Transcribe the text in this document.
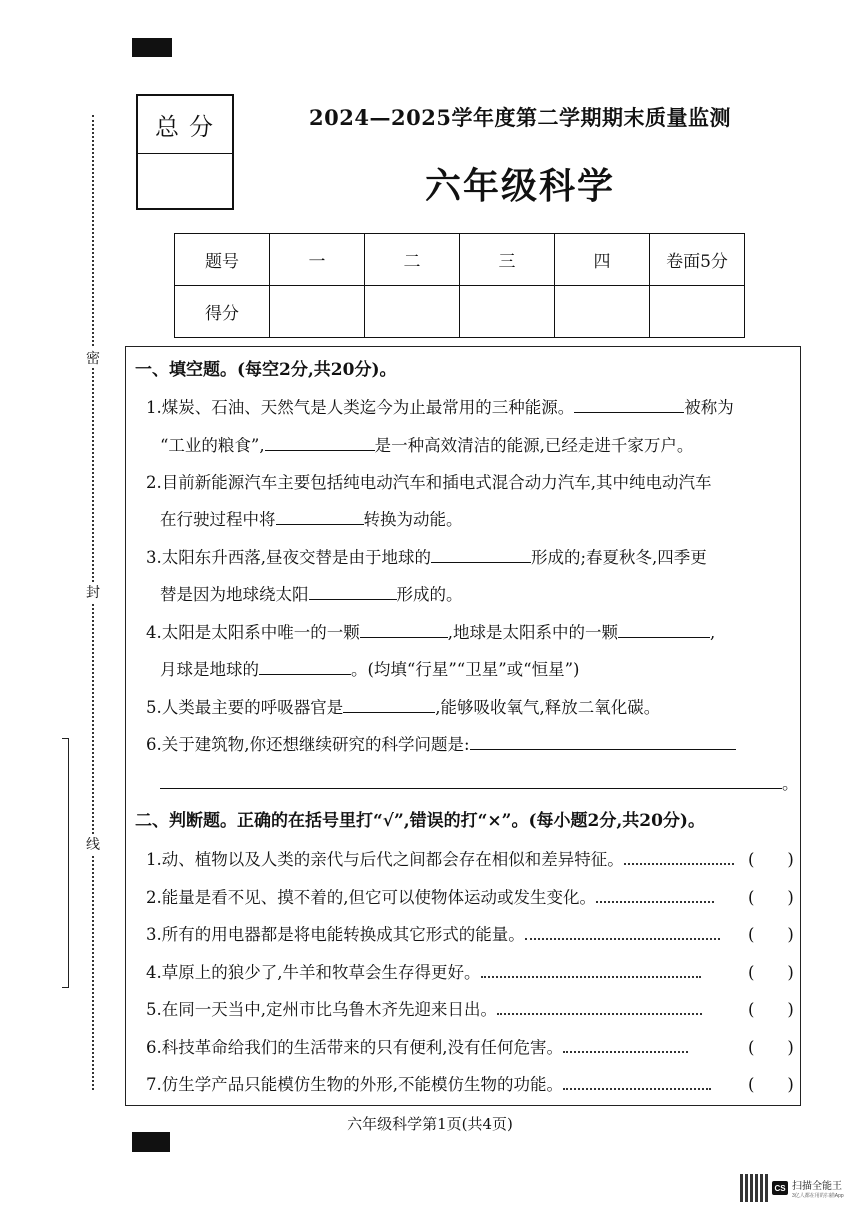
密
封
线
总分	2024—2025学年度第二学期期末质量监测
六年级科学
题号	一	二	三	四	卷面5分
得分					
一、填空题。(每空2分,共20分)。
1.煤炭、石油、天然气是人类迄今为止最常用的三种能源。	被称为
“工业的粮食”,	是一种高效清洁的能源,已经走进千家万户。
2.目前新能源汽车主要包括纯电动汽车和插电式混合动力汽车,其中纯电动汽车
在行驶过程中将	转换为动能。
3.太阳东升西落,昼夜交替是由于地球的	形成的;春夏秋冬,四季更
替是因为地球绕太阳	形成的。
4.太阳是太阳系中唯一的一颗	,地球是太阳系中的一颗	,
月球是地球的	。(均填“行星”“卫星”或“恒星”)
5.人类最主要的呼吸器官是	,能够吸收氧气,释放二氧化碳。
6.关于建筑物,你还想继续研究的科学问题是:
。
二、判断题。正确的在括号里打“√”,错误的打“×”。(每小题2分,共20分)。
1.动、植物以及人类的亲代与后代之间都会存在相似和差异特征。	(　　)
2.能量是看不见、摸不着的,但它可以使物体运动或发生变化。	(　　)
3.所有的用电器都是将电能转换成其它形式的能量。	(　　)
4.草原上的狼少了,牛羊和牧草会生存得更好。	(　　)
5.在同一天当中,定州市比乌鲁木齐先迎来日出。	(　　)
6.科技革命给我们的生活带来的只有便利,没有任何危害。	(　　)
7.仿生学产品只能模仿生物的外形,不能模仿生物的功能。	(　　)
六年级科学第1页(共4页)
CS 扫描全能王
3亿人都在用的扫描App
